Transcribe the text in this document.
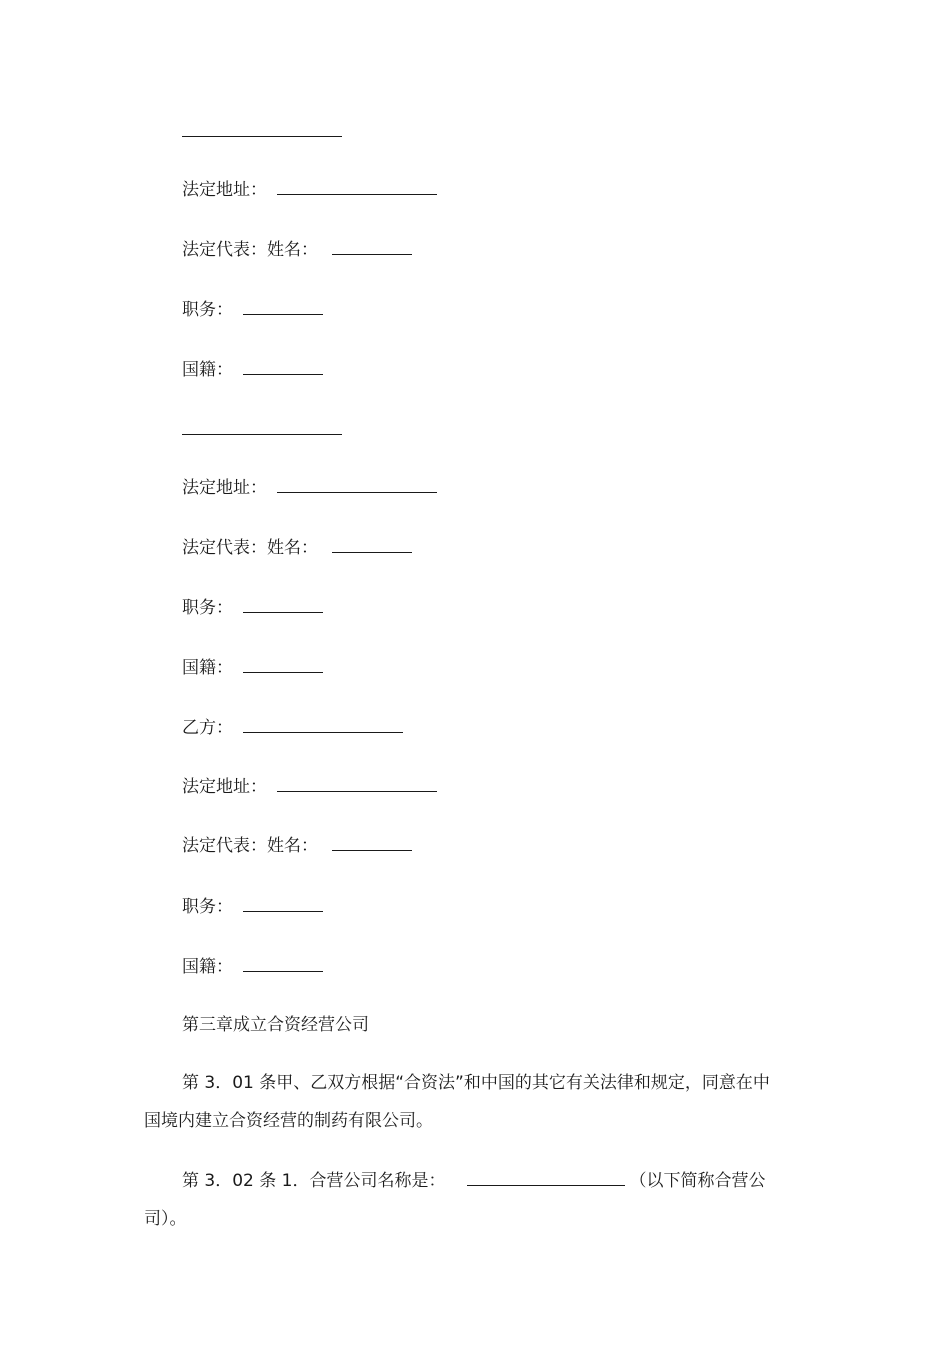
法定地址：
法定代表：姓名：
职务：
国籍：
法定地址：
法定代表：姓名：
职务：
国籍：
乙方：
法定地址：
法定代表：姓名：
职务：
国籍：
第三章成立合资经营公司
第 3．01 条甲、乙双方根据“合资法”和中国的其它有关法律和规定，同意在中国境内建立合资经营的制药有限公司。
第 3．02 条 1．合营公司名称是：	（以下简称合营公司）。
